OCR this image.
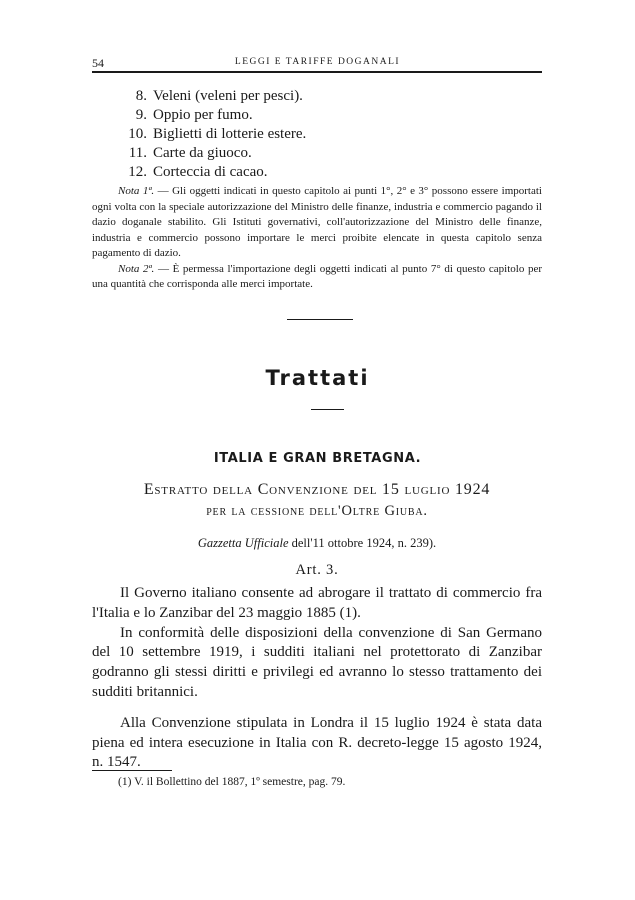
54	LEGGI E TARIFFE DOGANALI
8. Veleni (veleni per pesci).
9. Oppio per fumo.
10. Biglietti di lotterie estere.
11. Carte da giuoco.
12. Corteccia di cacao.

Nota 1ª. — Gli oggetti indicati in questo capitolo ai punti 1°, 2° e 3° possono essere importati ogni volta con la speciale autorizzazione del Ministro delle finanze, industria e commercio pagando il dazio doganale stabilito. Gli Istituti governativi, coll'autorizzazione del Ministro delle finanze, industria e commercio possono importare le merci proibite elencate in questa capitolo senza pagamento di dazio.

Nota 2ª. — È permessa l'importazione degli oggetti indicati al punto 7° di questo capitolo per una quantità che corrisponda alle merci importate.

Trattati
ITALIA E GRAN BRETAGNA.
Estratto della Convenzione del 15 luglio 1924
per la cessione dell'Oltre Giuba.
Gazzetta Ufficiale dell'11 ottobre 1924, n. 239).
Art. 3.

Il Governo italiano consente ad abrogare il trattato di commercio fra l'Italia e lo Zanzibar del 23 maggio 1885 (1).

In conformità delle disposizioni della convenzione di San Germano del 10 settembre 1919, i sudditi italiani nel protettorato di Zanzibar godranno gli stessi diritti e privilegi ed avranno lo stesso trattamento dei sudditi britannici.

Alla Convenzione stipulata in Londra il 15 luglio 1924 è stata data piena ed intera esecuzione in Italia con R. decreto-legge 15 agosto 1924, n. 1547.

(1) V. il Bollettino del 1887, 1º semestre, pag. 79.
